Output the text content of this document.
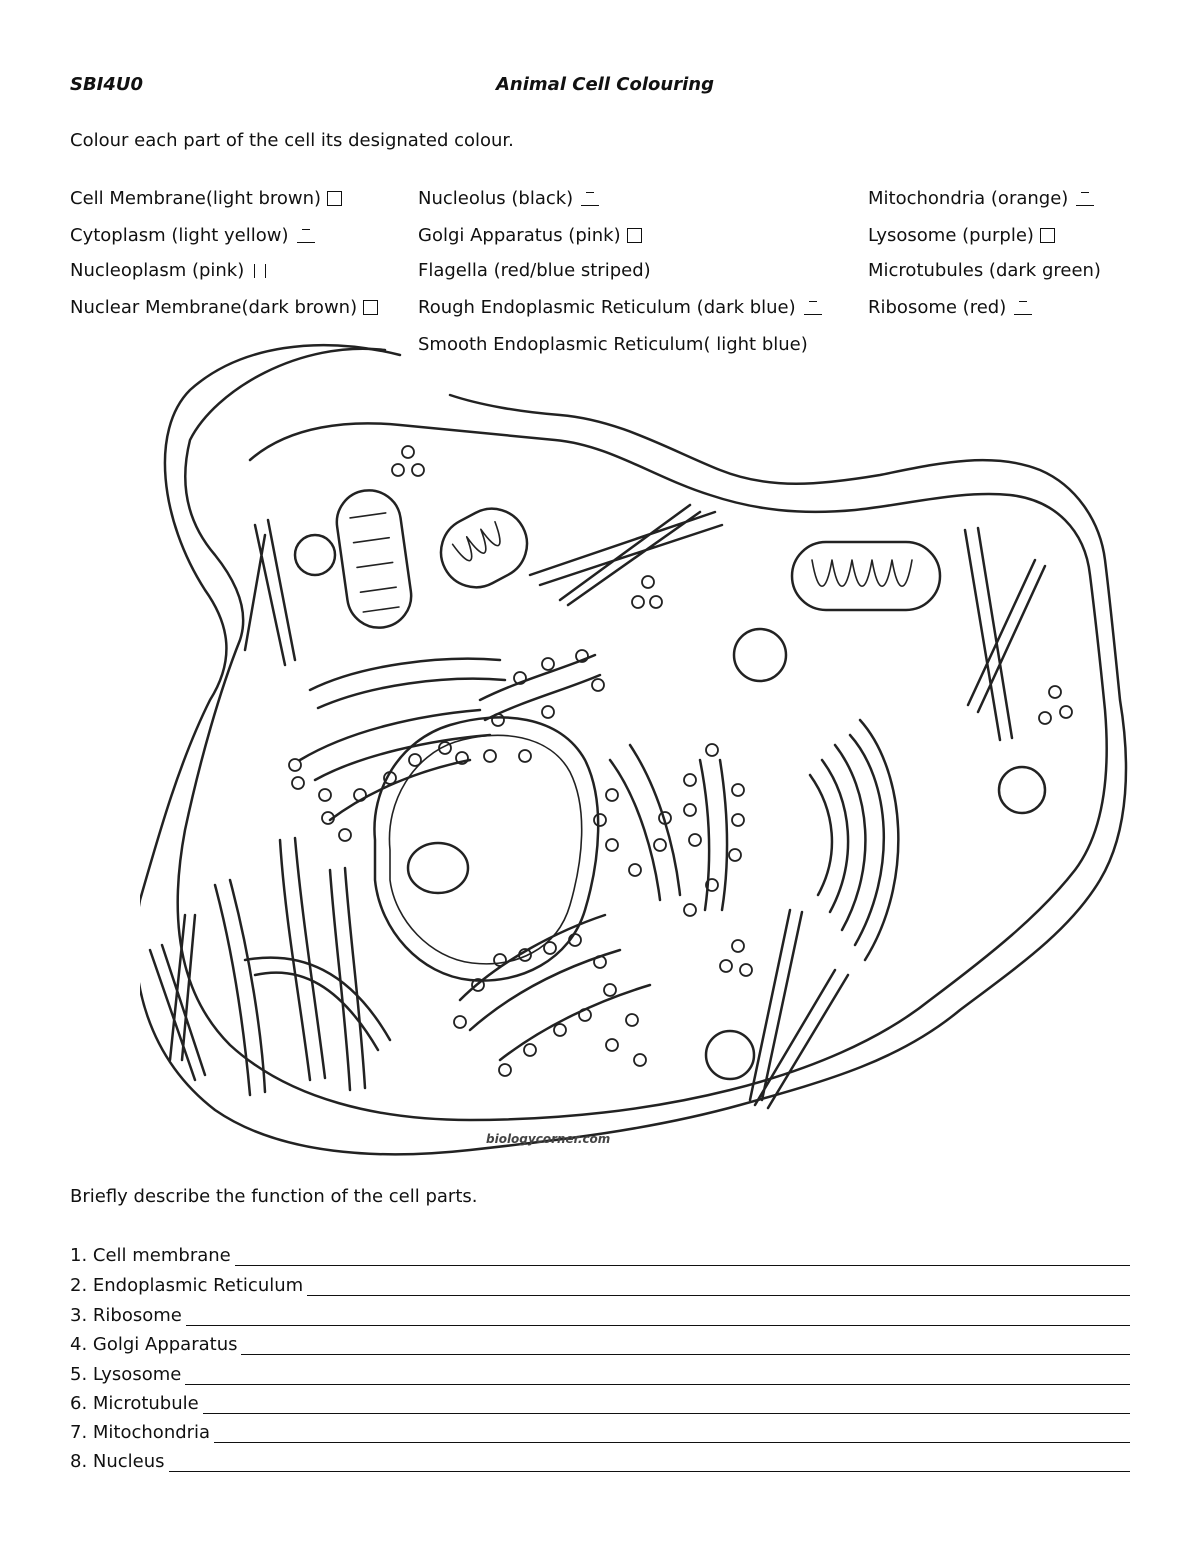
SBI4U0	Animal Cell Colouring
Colour each part of the cell its designated colour.
Cell Membrane(light brown)
Cytoplasm (light yellow)
Nucleoplasm (pink)
Nuclear Membrane(dark brown)
Nucleolus (black)
Golgi Apparatus (pink)
Flagella (red/blue striped)
Rough Endoplasmic Reticulum (dark blue)
Smooth Endoplasmic Reticulum( light blue)
Mitochondria (orange)
Lysosome (purple)
Microtubules (dark green)
Ribosome (red)
biologycorner.com
Briefly describe the function of the cell parts.
1. Cell membrane
2. Endoplasmic Reticulum
3. Ribosome
4. Golgi Apparatus
5. Lysosome
6. Microtubule
7. Mitochondria
8. Nucleus
